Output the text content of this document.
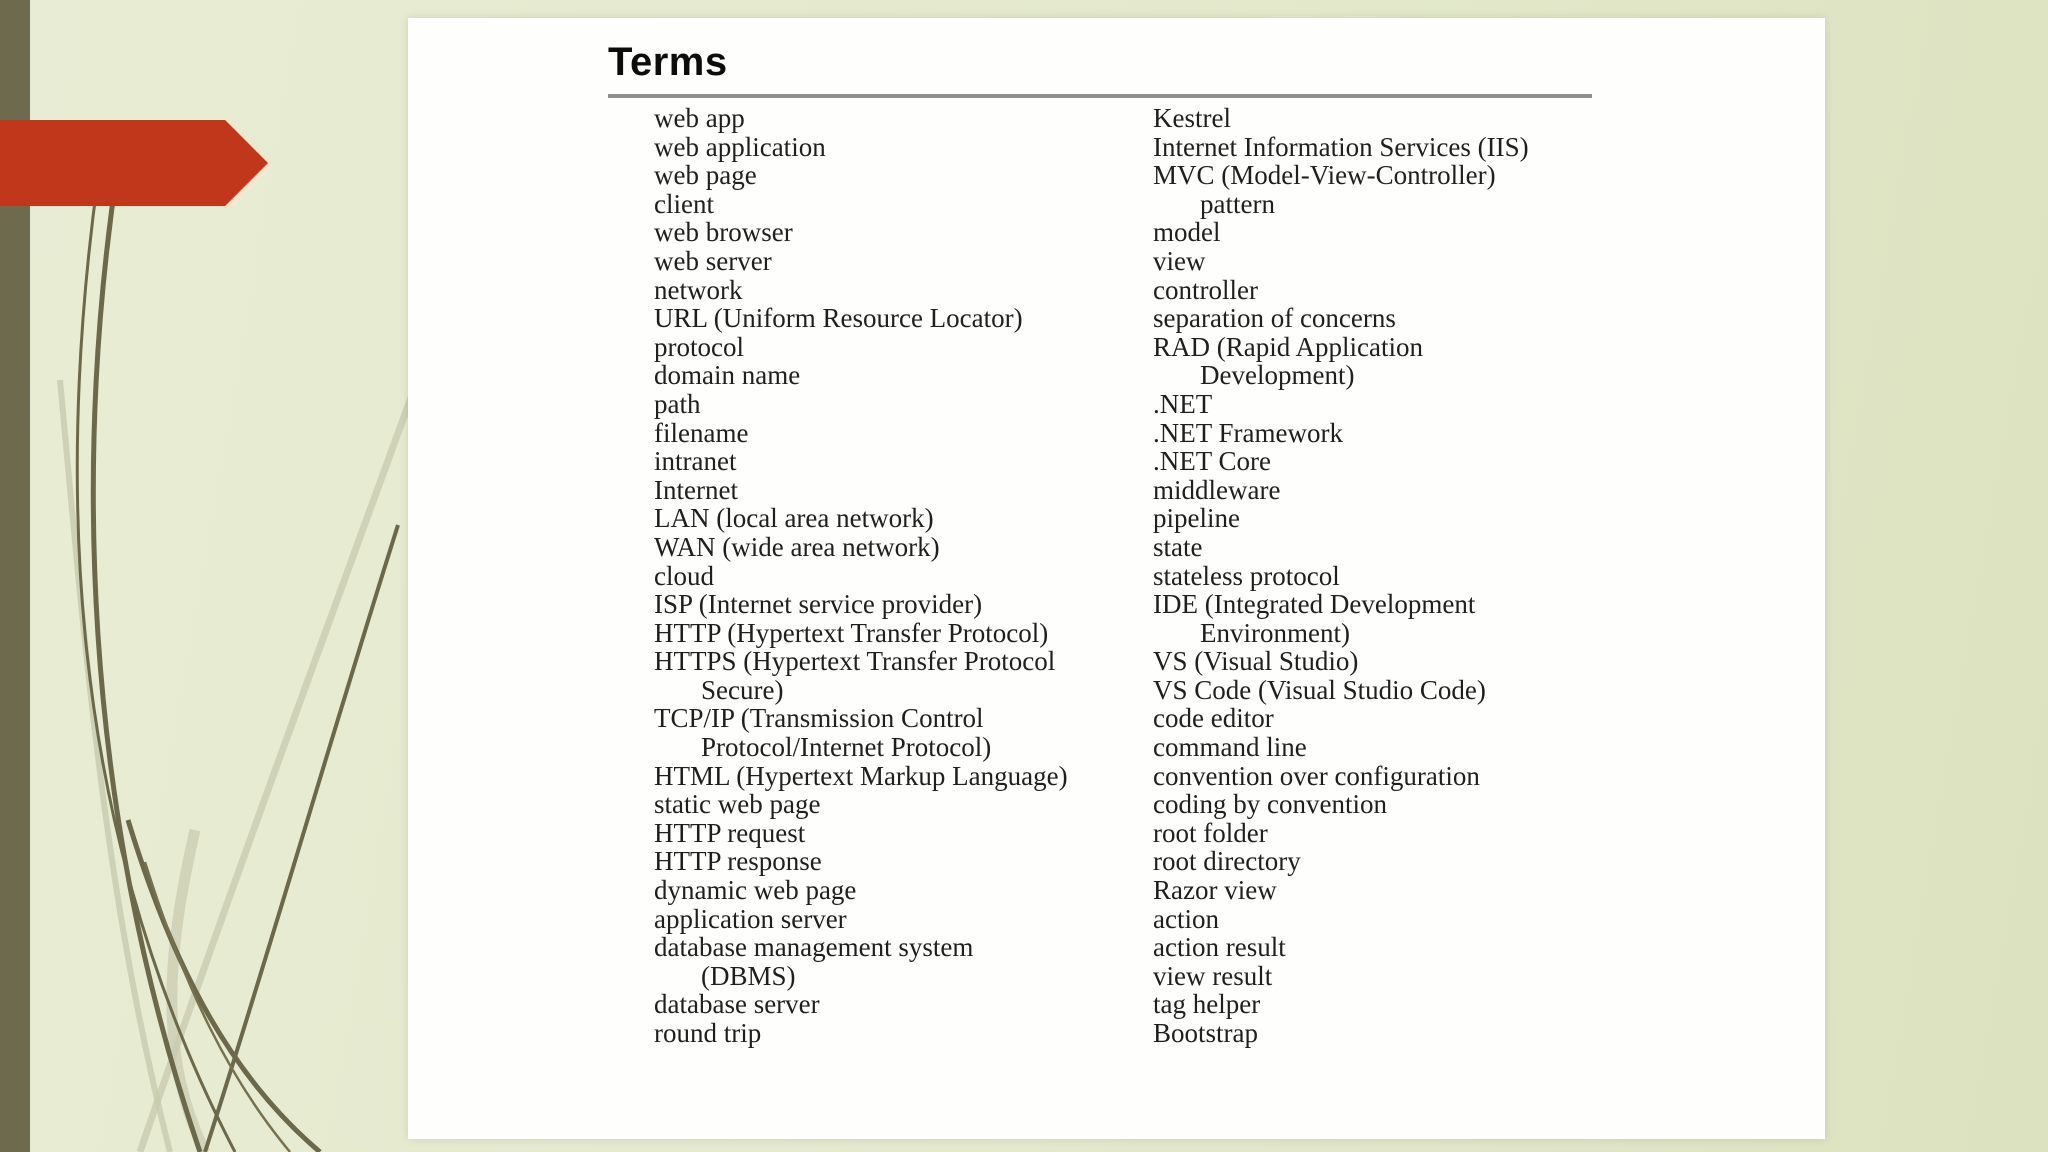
Terms
web app
web application
web page
client
web browser
web server
network
URL (Uniform Resource Locator)
protocol
domain name
path
filename
intranet
Internet
LAN (local area network)
WAN (wide area network)
cloud
ISP (Internet service provider)
HTTP (Hypertext Transfer Protocol)
HTTPS (Hypertext Transfer Protocol
Secure)
TCP/IP (Transmission Control
Protocol/Internet Protocol)
HTML (Hypertext Markup Language)
static web page
HTTP request
HTTP response
dynamic web page
application server
database management system
(DBMS)
database server
round trip
Kestrel
Internet Information Services (IIS)
MVC (Model-View-Controller)
pattern
model
view
controller
separation of concerns
RAD (Rapid Application
Development)
.NET
.NET Framework
.NET Core
middleware
pipeline
state
stateless protocol
IDE (Integrated Development
Environment)
VS (Visual Studio)
VS Code (Visual Studio Code)
code editor
command line
convention over configuration
coding by convention
root folder
root directory
Razor view
action
action result
view result
tag helper
Bootstrap
